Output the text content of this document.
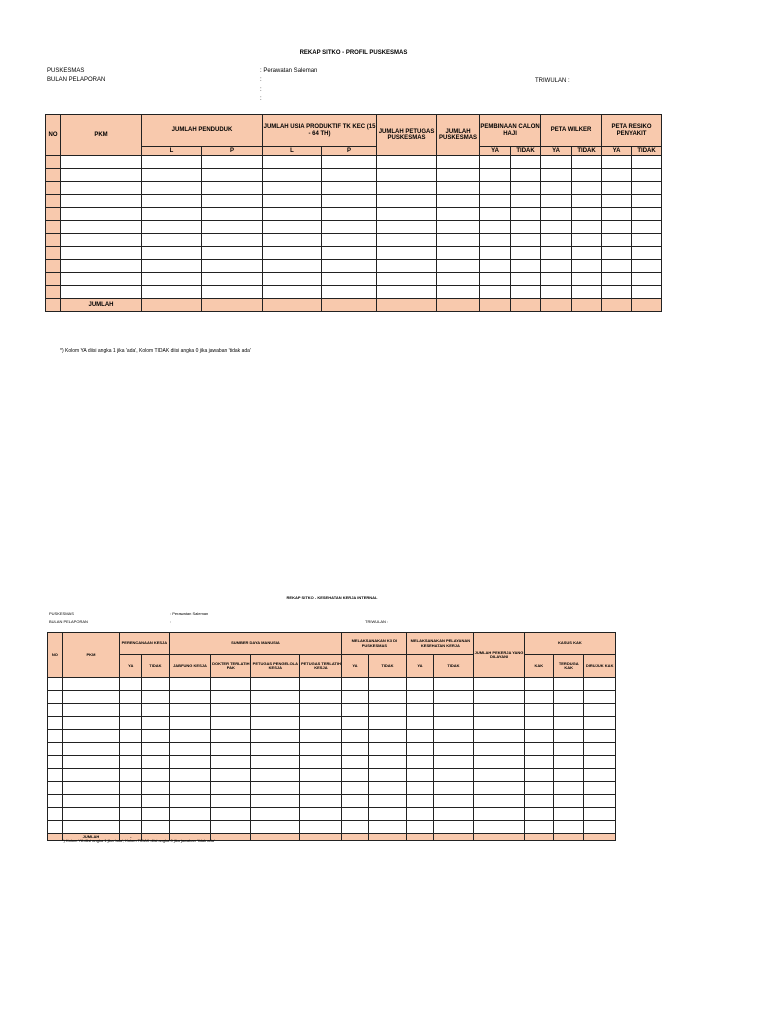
REKAP SITKO - PROFIL PUSKESMAS
PUSKESMAS
BULAN PELAPORAN
: Perawatan Saleman
:
:
:
TRIWULAN :
NO	PKM	JUMLAH PENDUDUK		JUMLAH USIA PRODUKTIF TK KEC (15 - 64 TH)		JUMLAH PETUGAS PUSKESMAS	JUMLAH PUSKESMAS	PEMBINAAN CALON HAJI		PETA WILKER		PETA RESIKO PENYAKIT	
		L	P	L	P			YA	TIDAK	YA	TIDAK	YA	TIDAK

	JUMLAH												
*) Kolom YA diisi angka 1 jika 'ada', Kolom TIDAK diisi angka 0 jika jawaban 'tidak ada'
REKAP SITKO - KESEHATAN KERJA INTERNAL
PUSKESMAS
BULAN PELAPORAN
: Perawatan Saleman
:	TRIWULAN :
NO	PKM	PERENCANAAN KESJA		SUMBER DAYA MANUSIA				MELAKSANAKAN K3 DI PUSKESMAS		MELAKSANAKAN PELAYANAN KESEHATAN KERJA		JUMLAH PEKERJA YANG DILAYANI	KASUS KAK		
		YA	TIDAK	JABFUNG KESJA	DOKTER TERLATIH PAK	PETUGAS PENGELOLA KESJA	PETUGAS TERLATIH KESJA	YA	TIDAK	YA	TIDAK		KAK	TERDUGA KAK	DIRUJUK KAK

	JUMLAH	-													
*) Kolom YA diisi angka 1 jika 'ada', Kolom TIDAK diisi angka 0 jika jawaban 'tidak ada'
